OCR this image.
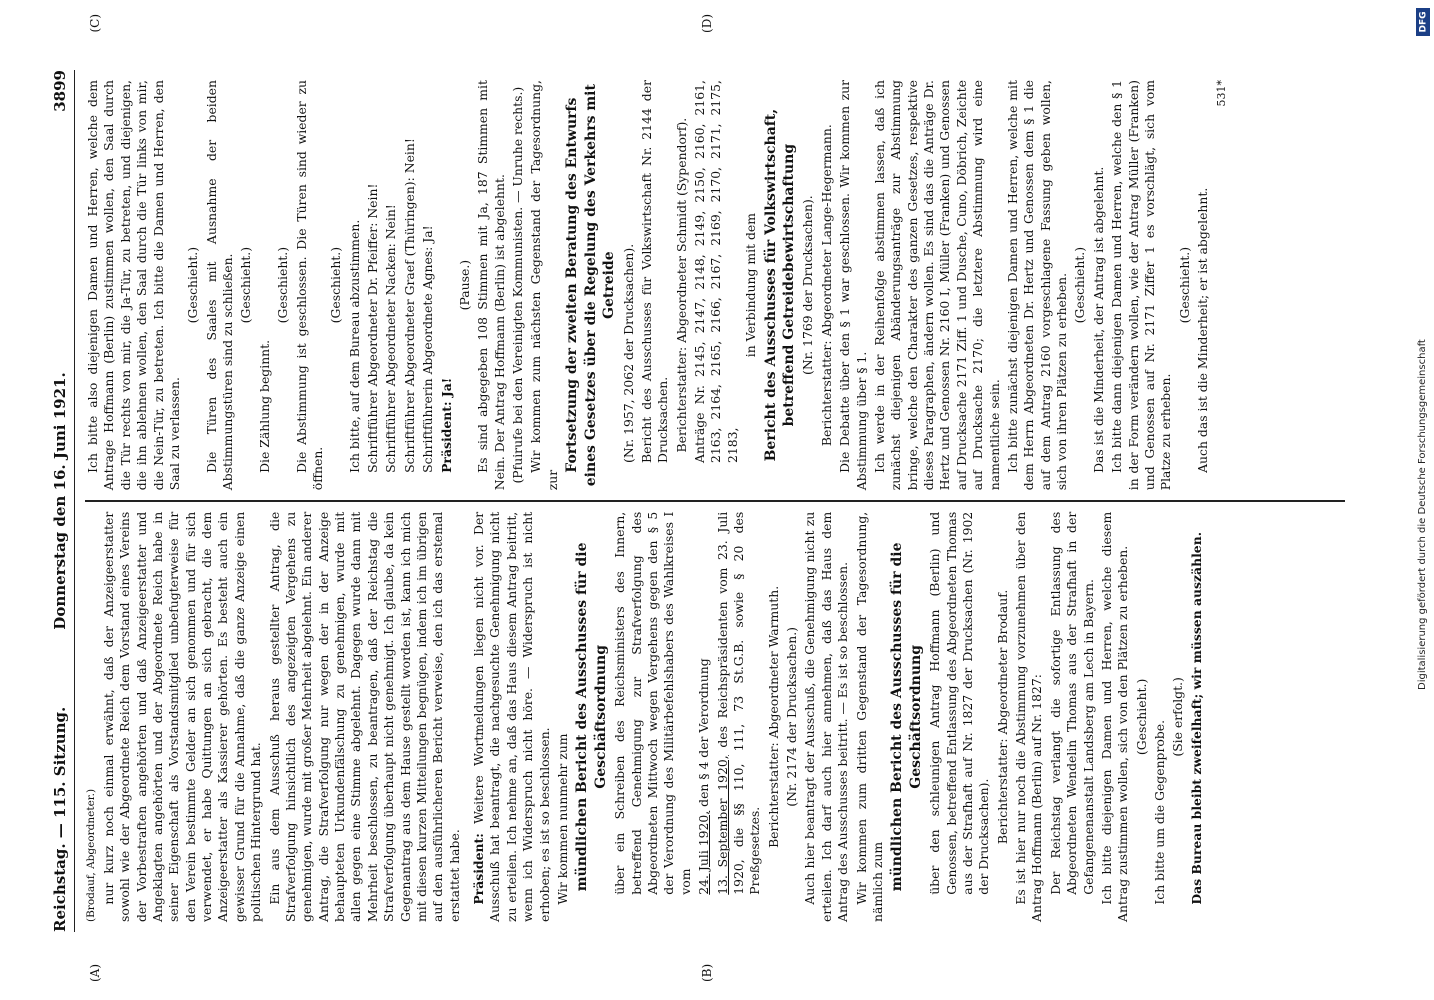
Reichstag. — 115. Sitzung.
Donnerstag den 16. Juni 1921.
3899
(A)	(B)
(C)	(D)

(Brodauf, Abgeordneter.) nur kurz noch einmal erwähnt, daß der Anzeigeerstatter sowohl wie der Abgeordnete Reich dem Vorstand eines Vereins der Vorbestraften angehörten und daß Anzeigeerstatter und Angeklagten angehörten und der Abgeordnete Reich habe in seiner Eigenschaft als Vorstandsmitglied unbefugterweise für den Verein bestimmte Gelder an sich genommen und für sich verwendet, er habe Quittungen an sich gebracht, die dem Anzeigeerstatter als Kassierer gehörten. Es besteht auch ein gewisser Grund für die Annahme, daß die ganze Anzeige einen politischen Hintergrund hat. Ein aus dem Ausschuß heraus gestellter Antrag, die Strafverfolgung hinsichtlich des angezeigten Vergehens zu genehmigen, wurde mit großer Mehrheit abgelehnt. Ein anderer Antrag, die Strafverfolgung nur wegen der in der Anzeige behaupteten Urkundenfälschung zu genehmigen, wurde mit allen gegen eine Stimme abgelehnt. Dagegen wurde dann mit Mehrheit beschlossen, zu beantragen, daß der Reichstag die Strafverfolgung überhaupt nicht genehmigt. Ich glaube, da kein Gegenantrag aus dem Hause gestellt worden ist, kann ich mich mit diesen kurzen Mitteilungen begnügen, indem ich im übrigen auf den ausführlicheren Bericht verweise, den ich das erstemal erstattet habe. Präsident: Weitere Wortmeldungen liegen nicht vor. Der Ausschuß hat beantragt, die nachgesuchte Genehmigung nicht zu erteilen. Ich nehme an, daß das Haus diesem Antrag beitritt, wenn ich Widerspruch nicht höre. — Widerspruch ist nicht erhoben; es ist so beschlossen. Wir kommen nunmehr zum mündlichen Bericht des Ausschusses für die Geschäftsordnung über ein Schreiben des Reichsministers des Innern, betreffend Genehmigung zur Strafverfolgung des Abgeordneten Mittwoch wegen Vergehens gegen den § 5 der Verordnung des Militärbefehlshabers des Wahlkreises I vom 24. Juli 1920, den § 4 der Verordnung

13. September 1920, des Reichspräsidenten vom 23. Juli 1920, die §§ 110, 111, 73 St.G.B. sowie § 20 des Preßgesetzes.

Berichterstatter: Abgeordneter Warmuth. (Nr. 2174 der Drucksachen.) Auch hier beantragt der Ausschuß, die Genehmigung nicht zu erteilen. Ich darf auch hier annehmen, daß das Haus dem Antrag des Ausschusses beitritt. — Es ist so beschlossen. Wir kommen zum dritten Gegenstand der Tagesordnung, nämlich zum mündlichen Bericht des Ausschusses für die Geschäftsordnung über den schleunigen Antrag Hoffmann (Berlin) und Genossen, betreffend Entlassung des Abgeordneten Thomas aus der Strafhaft auf Nr. 1827 der Drucksachen (Nr. 1902 der Drucksachen). Berichterstatter: Abgeordneter Brodauf. Es ist hier nur noch die Abstimmung vorzunehmen über den Antrag Hoffmann (Berlin) auf Nr. 1827: Der Reichstag verlangt die sofortige Entlassung des Abgeordneten Wendelin Thomas aus der Strafhaft in der Gefangenenanstalt Landsberg am Lech in Bayern. Ich bitte diejenigen Damen und Herren, welche diesem Antrag zustimmen wollen, sich von den Plätzen zu erheben. (Geschieht.)

Ich bitte um die Gegenprobe.

(Sie erfolgt.) Das Bureau bleibt zweifelhaft; wir müssen auszählen.

Ich bitte also diejenigen Damen und Herren, welche dem Antrage Hoffmann (Berlin) zustimmen wollen, den Saal durch die Tür rechts von mir, die Ja-Tür, zu betreten, und diejenigen, die ihn ablehnen wollen, den Saal durch die Tür links von mir, die Nein-Tür, zu betreten. Ich bitte die Damen und Herren, den Saal zu verlassen.

(Geschieht.) Die Türen des Saales mit Ausnahme der beiden Abstimmungstüren sind zu schließen. (Geschieht.)

Die Zählung beginnt.

(Geschieht.) Die Abstimmung ist geschlossen. Die Türen sind wieder zu öffnen.

(Geschieht.) Ich bitte, auf dem Bureau abzustimmen. Schriftführer Abgeordneter Dr. Pfeiffer: Nein! Schriftführer Abgeordneter Nacken: Nein! Schriftführer Abgeordneter Graef (Thüringen): Nein! Schriftführerin Abgeordnete Agnes: Ja! Präsident: Ja!

(Pause.) Es sind abgegeben 108 Stimmen mit Ja, 187 Stimmen mit Nein. Der Antrag Hoffmann (Berlin) ist abgelehnt. (Pfuirufe bei den Vereinigten Kommunisten. — Unruhe rechts.) Wir kommen zum nächsten Gegenstand der Tagesordnung, zur

Fortsetzung der zweiten Beratung des Entwurfs eines Gesetzes über die Regelung des Verkehrs mit Getreide (Nr. 1957, 2062 der Drucksachen). Bericht des Ausschusses für Volkswirtschaft Nr. 2144 der Drucksachen. Berichterstatter: Abgeordneter Schmidt (Sypendorf). Anträge Nr. 2145, 2147, 2148, 2149, 2150, 2160, 2161, 2163, 2164, 2165, 2166, 2167, 2169, 2170, 2171, 2175, 2183,

in Verbindung mit dem Bericht des Ausschusses für Volkswirtschaft, betreffend Getreidebewirtschaftung (Nr. 1769 der Drucksachen). Berichterstatter: Abgeordneter Lange-Hegermann. Die Debatte über den § 1 war geschlossen. Wir kommen zur Abstimmung über § 1. Ich werde in der Reihenfolge abstimmen lassen, daß ich zunächst diejenigen Abänderungsanträge zur Abstimmung bringe, welche den Charakter des ganzen Gesetzes, respektive dieses Paragraphen, ändern wollen. Es sind das die Anträge Dr. Hertz und Genossen Nr. 2160 I, Müller (Franken) und Genossen auf Drucksache 2171 Ziff. 1 und Dusche, Cuno, Döbrich, Zeichte auf Drucksache 2170; die letztere Abstimmung wird eine namentliche sein. Ich bitte zunächst diejenigen Damen und Herren, welche mit dem Herrn Abgeordneten Dr. Hertz und Genossen dem § 1 die auf dem Antrag 2160 vorgeschlagene Fassung geben wollen, sich von ihren Plätzen zu erheben. (Geschieht.) Das ist die Minderheit, der Antrag ist abgelehnt. Ich bitte dann diejenigen Damen und Herren, welche den § 1 in der Form verändern wollen, wie der Antrag Müller (Franken) und Genossen auf Nr. 2171 Ziffer 1 es vorschlägt, sich vom Platze zu erheben.

(Geschieht.) Auch das ist die Minderheit; er ist abgelehnt.

531*

DFG
Digitalisierung gefördert durch die Deutsche Forschungsgemeinschaft
